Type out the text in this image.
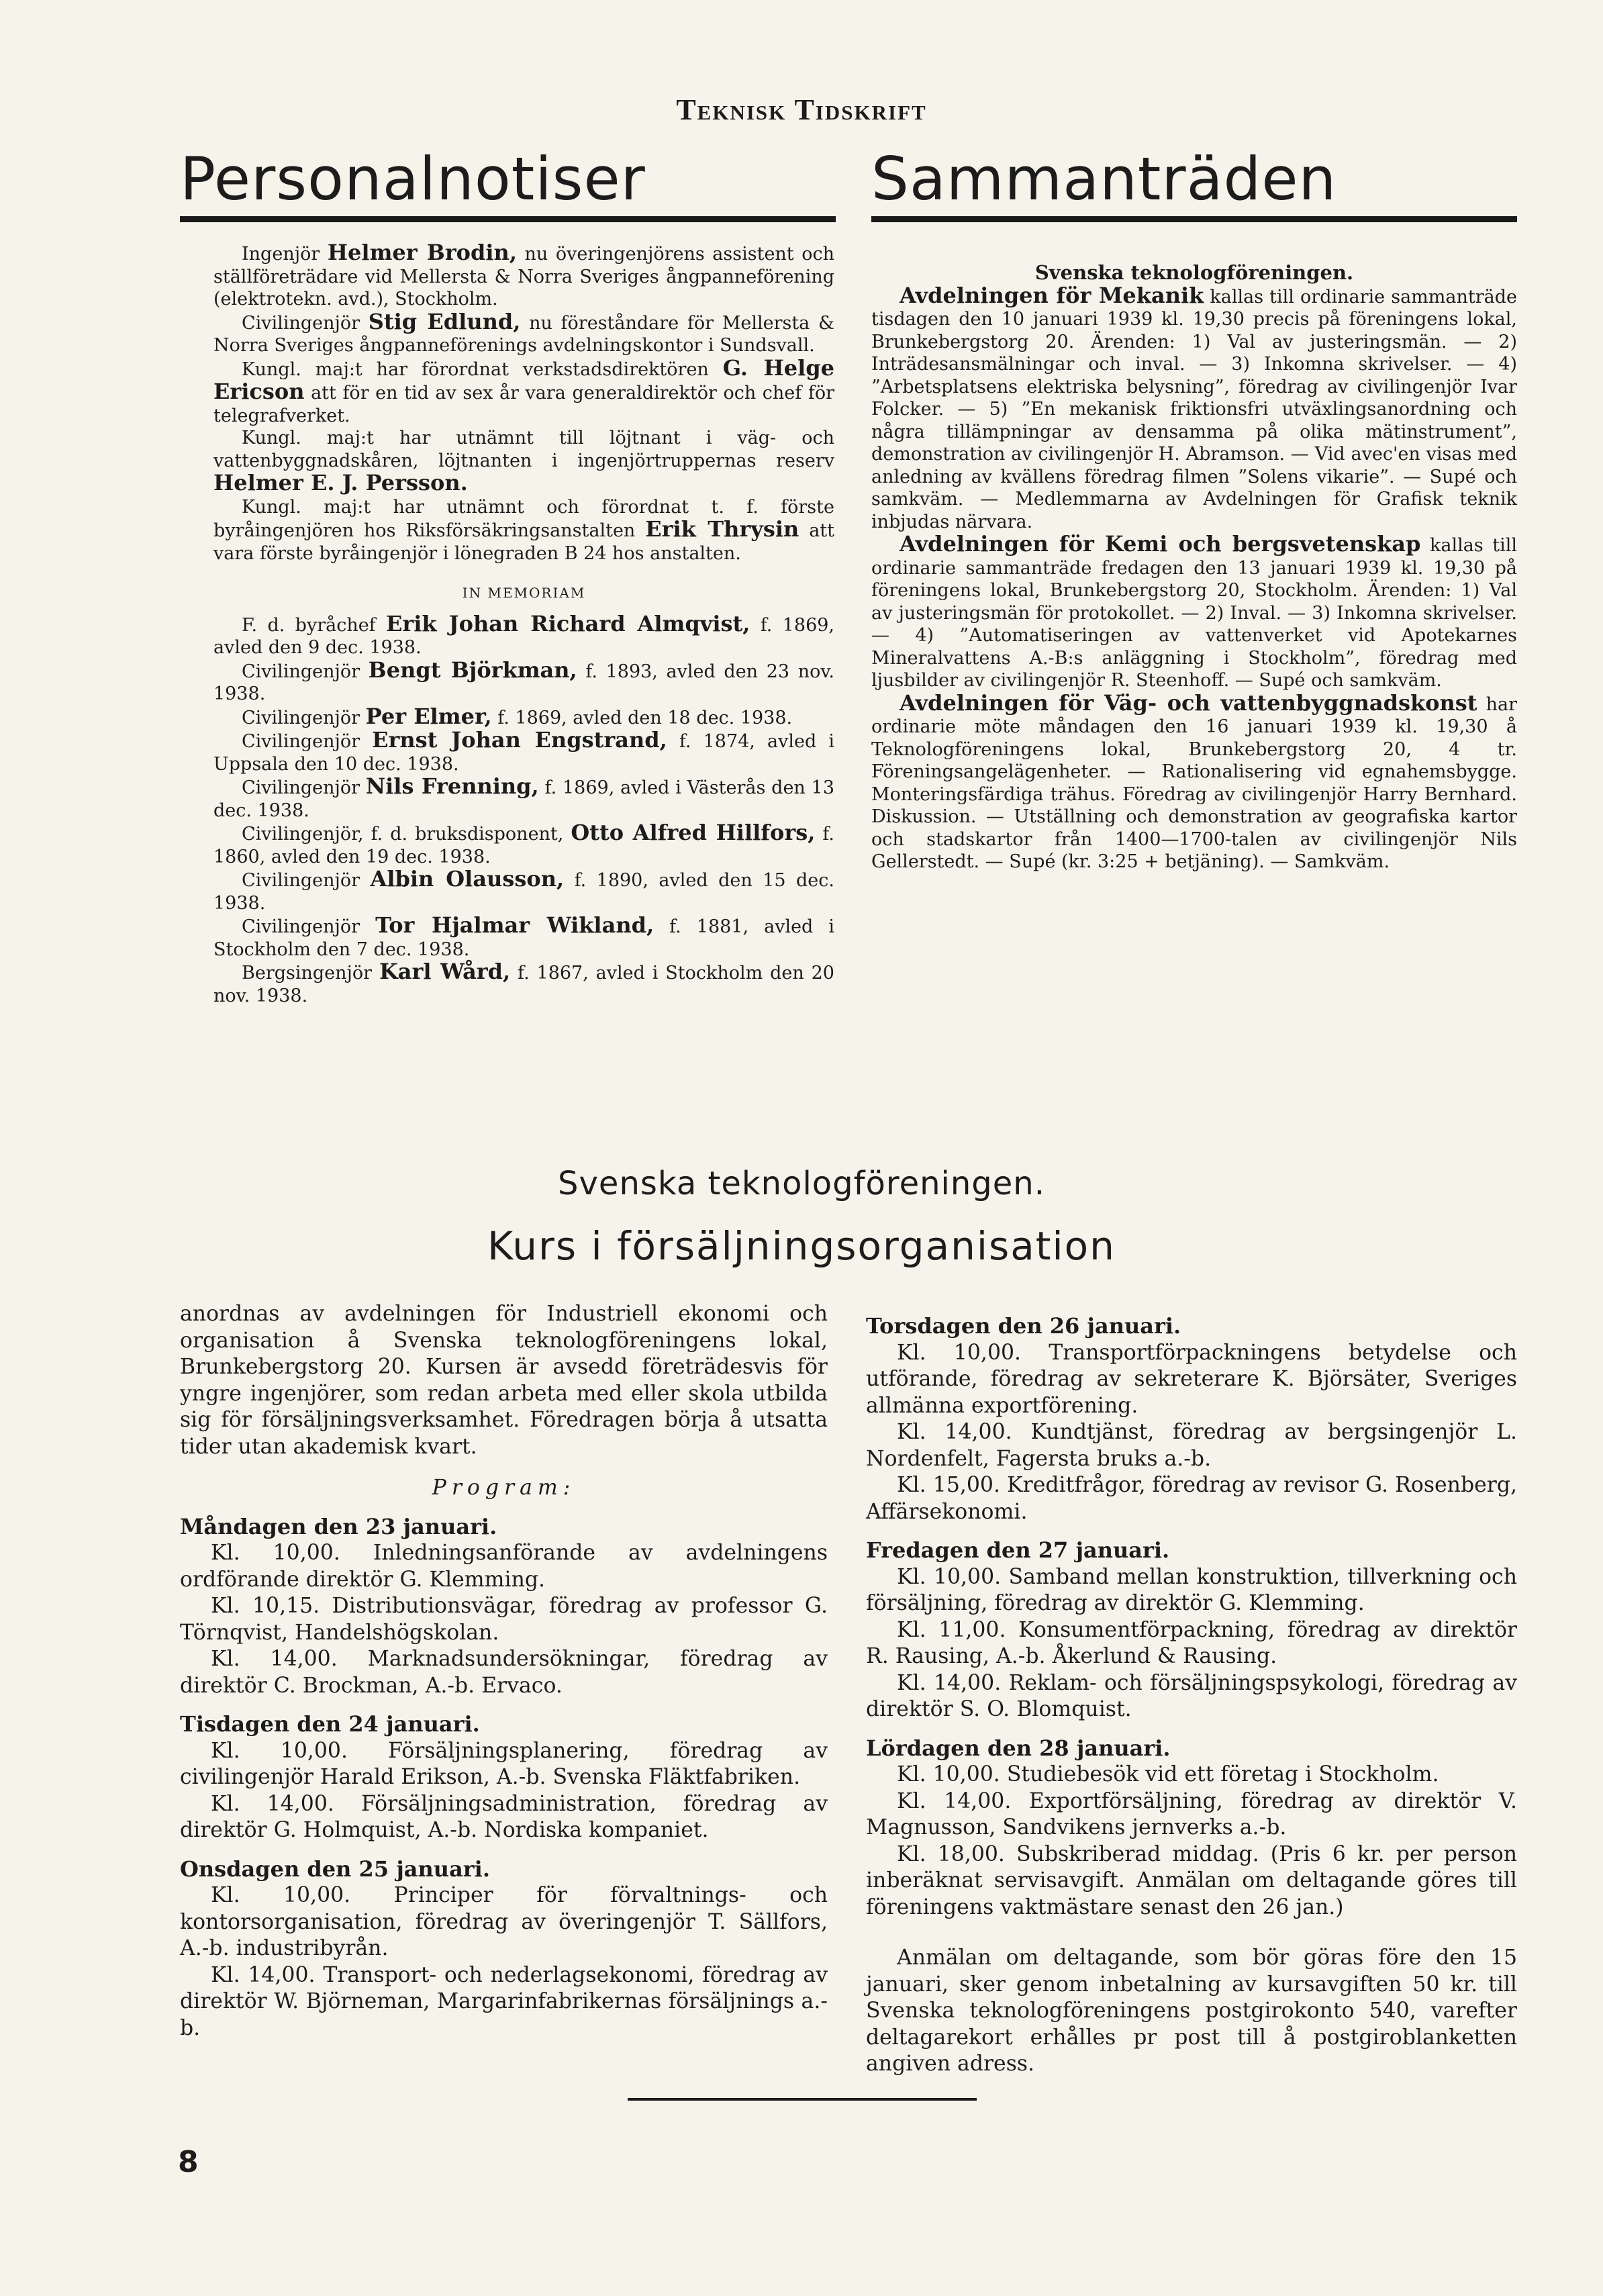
Teknisk Tidskrift
Personalnotiser

Ingenjör Helmer Brodin, nu överingenjörens assistent och ställföreträdare vid Mellersta & Norra Sveriges ångpanneförening (elektrotekn. avd.), Stockholm.

Civilingenjör Stig Edlund, nu föreståndare för Mellersta & Norra Sveriges ångpanneförenings avdelningskontor i Sundsvall.

Kungl. maj:t har förordnat verkstadsdirektören G. Helge Ericson att för en tid av sex år vara generaldirektör och chef för telegrafverket.

Kungl. maj:t har utnämnt till löjtnant i väg- och vattenbyggnadskåren, löjtnanten i ingenjörtruppernas reserv Helmer E. J. Persson.

Kungl. maj:t har utnämnt och förordnat t. f. förste byråingenjören hos Riksförsäkringsanstalten Erik Thrysin att vara förste byråingenjör i lönegraden B 24 hos anstalten.

IN MEMORIAM

F. d. byråchef Erik Johan Richard Almqvist, f. 1869, avled den 9 dec. 1938.

Civilingenjör Bengt Björkman, f. 1893, avled den 23 nov. 1938.

Civilingenjör Per Elmer, f. 1869, avled den 18 dec. 1938.

Civilingenjör Ernst Johan Engstrand, f. 1874, avled i Uppsala den 10 dec. 1938.

Civilingenjör Nils Frenning, f. 1869, avled i Västerås den 13 dec. 1938.

Civilingenjör, f. d. bruksdisponent, Otto Alfred Hillfors, f. 1860, avled den 19 dec. 1938.

Civilingenjör Albin Olausson, f. 1890, avled den 15 dec. 1938.

Civilingenjör Tor Hjalmar Wikland, f. 1881, avled i Stockholm den 7 dec. 1938.

Bergsingenjör Karl Wård, f. 1867, avled i Stockholm den 20 nov. 1938.

Sammanträden

Svenska teknologföreningen.

Avdelningen för Mekanik kallas till ordinarie sammanträde tisdagen den 10 januari 1939 kl. 19,30 precis på föreningens lokal, Brunkebergstorg 20. Ärenden: 1) Val av justeringsmän. — 2) Inträdesansmälningar och inval. — 3) Inkomna skrivelser. — 4) ”Arbetsplatsens elektriska belysning”, föredrag av civilingenjör Ivar Folcker. — 5) ”En mekanisk friktionsfri utväxlingsanordning och några tillämpningar av densamma på olika mätinstrument”, demonstration av civilingenjör H. Abramson. — Vid avec'en visas med anledning av kvällens föredrag filmen ”Solens vikarie”. — Supé och samkväm. — Medlemmarna av Avdelningen för Grafisk teknik inbjudas närvara.

Avdelningen för Kemi och bergsvetenskap kallas till ordinarie sammanträde fredagen den 13 januari 1939 kl. 19,30 på föreningens lokal, Brunkebergstorg 20, Stockholm. Ärenden: 1) Val av justeringsmän för protokollet. — 2) Inval. — 3) Inkomna skrivelser. — 4) ”Automatiseringen av vattenverket vid Apotekarnes Mineralvattens A.-B:s anläggning i Stockholm”, föredrag med ljusbilder av civilingenjör R. Steenhoff. — Supé och samkväm.

Avdelningen för Väg- och vattenbyggnadskonst har ordinarie möte måndagen den 16 januari 1939 kl. 19,30 å Teknologföreningens lokal, Brunkebergstorg 20, 4 tr. Föreningsangelägenheter. — Rationalisering vid egnahemsbygge. Monteringsfärdiga trähus. Föredrag av civilingenjör Harry Bernhard. Diskussion. — Utställning och demonstration av geografiska kartor och stadskartor från 1400—1700-talen av civilingenjör Nils Gellerstedt. — Supé (kr. 3:25 + betjäning). — Samkväm.

Svenska teknologföreningen.
Kurs i försäljningsorganisation

anordnas av avdelningen för Industriell ekonomi och organisation å Svenska teknologföreningens lokal, Brunkebergstorg 20. Kursen är avsedd företrädesvis för yngre ingenjörer, som redan arbeta med eller skola utbilda sig för försäljningsverksamhet. Föredragen börja å utsatta tider utan akademisk kvart.

Program:

Måndagen den 23 januari.

Kl. 10,00. Inledningsanförande av avdelningens ordförande direktör G. Klemming.

Kl. 10,15. Distributionsvägar, föredrag av professor G. Törnqvist, Handelshögskolan.

Kl. 14,00. Marknadsundersökningar, föredrag av direktör C. Brockman, A.-b. Ervaco.

Tisdagen den 24 januari.

Kl. 10,00. Försäljningsplanering, föredrag av civilingenjör Harald Erikson, A.-b. Svenska Fläktfabriken.

Kl. 14,00. Försäljningsadministration, föredrag av direktör G. Holmquist, A.-b. Nordiska kompaniet.

Onsdagen den 25 januari.

Kl. 10,00. Principer för förvaltnings- och kontorsorganisation, föredrag av överingenjör T. Sällfors, A.-b. industribyrån.

Kl. 14,00. Transport- och nederlagsekonomi, föredrag av direktör W. Björneman, Margarinfabrikernas försäljnings a.-b.

Torsdagen den 26 januari.

Kl. 10,00. Transportförpackningens betydelse och utförande, föredrag av sekreterare K. Björsäter, Sveriges allmänna exportförening.

Kl. 14,00. Kundtjänst, föredrag av bergsingenjör L. Nordenfelt, Fagersta bruks a.-b.

Kl. 15,00. Kreditfrågor, föredrag av revisor G. Rosenberg, Affärsekonomi.

Fredagen den 27 januari.

Kl. 10,00. Samband mellan konstruktion, tillverkning och försäljning, föredrag av direktör G. Klemming.

Kl. 11,00. Konsumentförpackning, föredrag av direktör R. Rausing, A.-b. Åkerlund & Rausing.

Kl. 14,00. Reklam- och försäljningspsykologi, föredrag av direktör S. O. Blomquist.

Lördagen den 28 januari.

Kl. 10,00. Studiebesök vid ett företag i Stockholm.

Kl. 14,00. Exportförsäljning, föredrag av direktör V. Magnusson, Sandvikens jernverks a.-b.

Kl. 18,00. Subskriberad middag. (Pris 6 kr. per person inberäknat servisavgift. Anmälan om deltagande göres till föreningens vaktmästare senast den 26 jan.)

Anmälan om deltagande, som bör göras före den 15 januari, sker genom inbetalning av kursavgiften 50 kr. till Svenska teknologföreningens postgirokonto 540, varefter deltagarekort erhålles pr post till å postgiroblanketten angiven adress.

8
